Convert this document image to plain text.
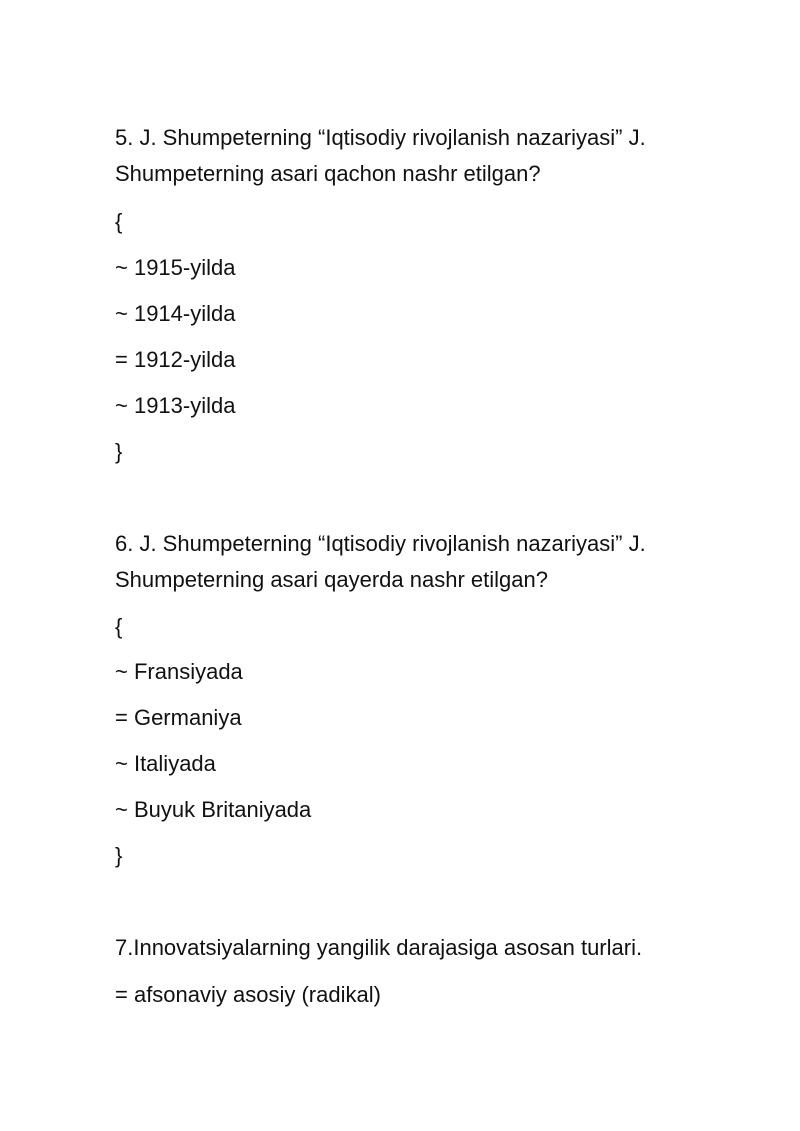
5. J. Shumpeterning “Iqtisodiy rivojlanish nazariyasi” J.
Shumpeterning asari qachon nashr etilgan?
{
~ 1915-yilda
~ 1914-yilda
= 1912-yilda
~ 1913-yilda
}
6. J. Shumpeterning “Iqtisodiy rivojlanish nazariyasi” J.
Shumpeterning asari qayerda nashr etilgan?
{
~ Fransiyada
= Germaniya
~ Italiyada
~ Buyuk Britaniyada
}
7.Innovatsiyalarning yangilik darajasiga asosan turlari.
= afsonaviy asosiy (radikal)
